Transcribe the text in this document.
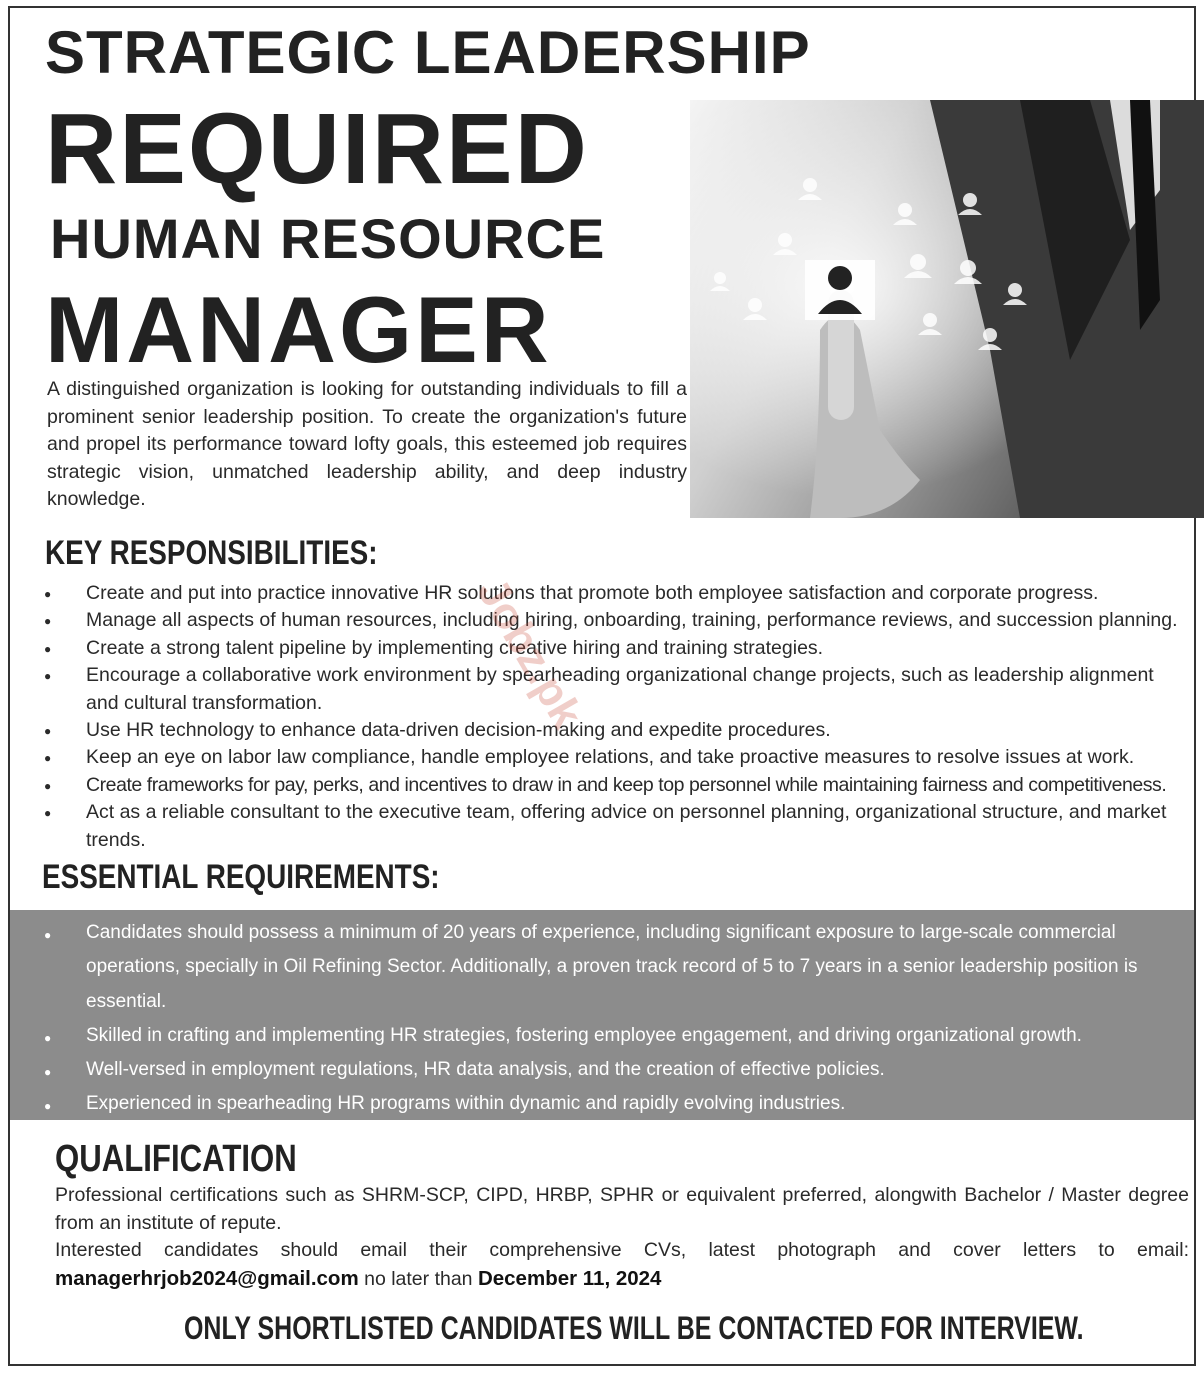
STRATEGIC LEADERSHIP
REQUIRED
HUMAN RESOURCE
MANAGER

A distinguished organization is looking for outstanding individuals to fill a prominent senior leadership position. To create the organization's future and propel its performance toward lofty goals, this esteemed job requires strategic vision, unmatched leadership ability, and deep industry knowledge.

KEY RESPONSIBILITIES:
● Create and put into practice innovative HR solutions that promote both employee satisfaction and corporate progress.
● Manage all aspects of human resources, including hiring, onboarding, training, performance reviews, and succession planning.
● Create a strong talent pipeline by implementing creative hiring and training strategies.
● Encourage a collaborative work environment by spearheading organizational change projects, such as leadership alignment and cultural transformation.
● Use HR technology to enhance data-driven decision-making and expedite procedures.
● Keep an eye on labor law compliance, handle employee relations, and take proactive measures to resolve issues at work.
● Create frameworks for pay, perks, and incentives to draw in and keep top personnel while maintaining fairness and competitiveness.
● Act as a reliable consultant to the executive team, offering advice on personnel planning, organizational structure, and market trends.
Jobz.pk
ESSENTIAL REQUIREMENTS:
● Candidates should possess a minimum of 20 years of experience, including significant exposure to large-scale commercial operations, specially in Oil Refining Sector. Additionally, a proven track record of 5 to 7 years in a senior leadership position is essential.
● Skilled in crafting and implementing HR strategies, fostering employee engagement, and driving organizational growth.
● Well-versed in employment regulations, HR data analysis, and the creation of effective policies.
● Experienced in spearheading HR programs within dynamic and rapidly evolving industries.
● Preference will be given to the seasoned personnel, having vast experience of reputed organizations.
QUALIFICATION
Professional certifications such as SHRM-SCP, CIPD, HRBP, SPHR or equivalent preferred, alongwith Bachelor / Master degree from an institute of repute.

Interested candidates should email their comprehensive CVs, latest photograph and cover letters to email:
managerhrjob2024@gmail.com no later than December 11, 2024

ONLY SHORTLISTED CANDIDATES WILL BE CONTACTED FOR INTERVIEW.
